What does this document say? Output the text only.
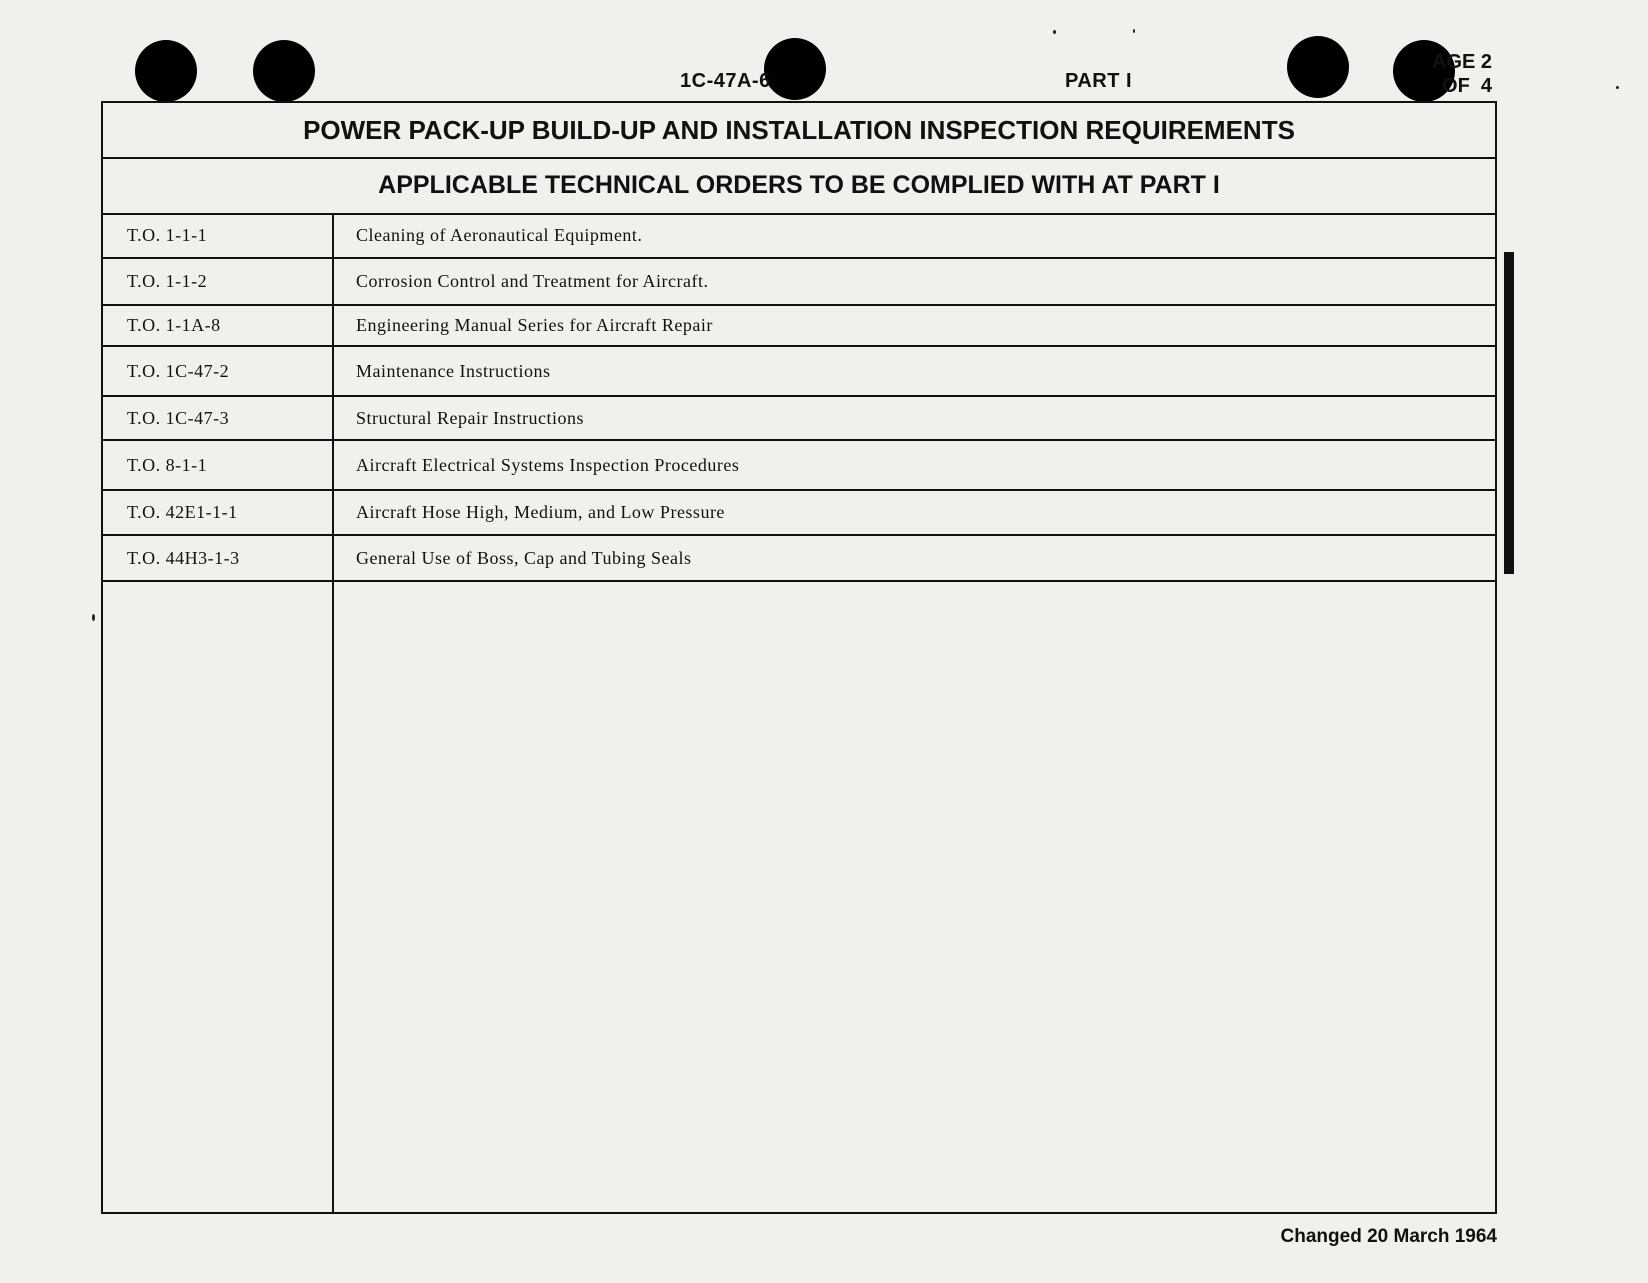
1C-47A-6	PART I
AGE 2
OF  4
POWER PACK-UP BUILD-UP AND INSTALLATION INSPECTION REQUIREMENTS
APPLICABLE TECHNICAL ORDERS TO BE COMPLIED WITH AT PART I
T.O. 1-1-1	Cleaning of Aeronautical Equipment.
T.O. 1-1-2	Corrosion Control and Treatment for Aircraft.
T.O. 1-1A-8	Engineering Manual Series for Aircraft Repair
T.O. 1C-47-2	Maintenance Instructions
T.O. 1C-47-3	Structural Repair Instructions
T.O. 8-1-1	Aircraft Electrical Systems Inspection Procedures
T.O. 42E1-1-1	Aircraft Hose High, Medium, and Low Pressure
T.O. 44H3-1-3	General Use of Boss, Cap and Tubing Seals
Changed 20 March 1964
